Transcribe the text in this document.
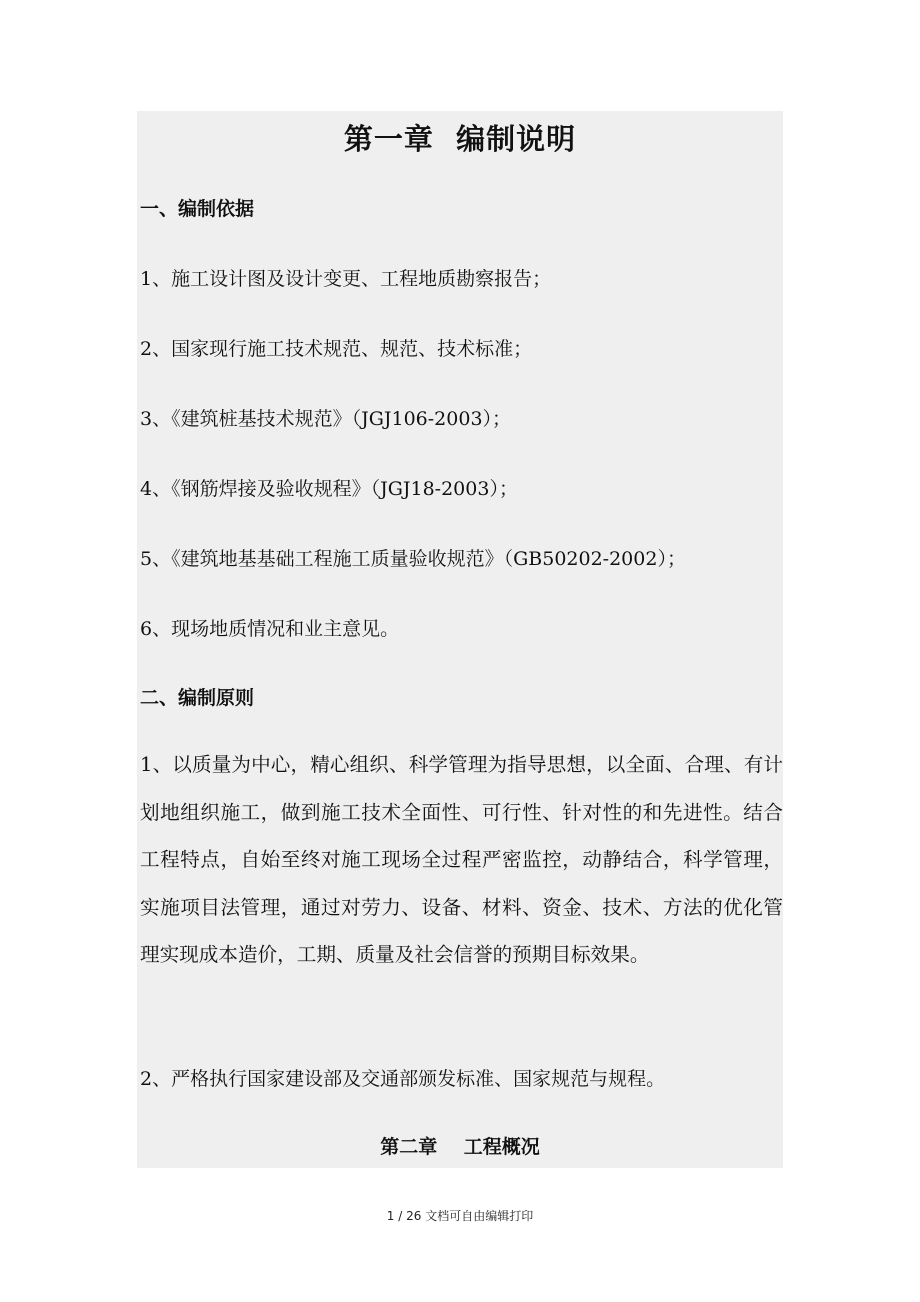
第一章  编制说明
一、编制依据
1、施工设计图及设计变更、工程地质勘察报告；
2、国家现行施工技术规范、规范、技术标准；
3、《建筑桩基技术规范》（JGJ106-2003）；
4、《钢筋焊接及验收规程》（JGJ18-2003）；
5、《建筑地基基础工程施工质量验收规范》（GB50202-2002）；
6、现场地质情况和业主意见。
二、编制原则

1、以质量为中心，精心组织、科学管理为指导思想，以全面、合理、有计划地组织施工，做到施工技术全面性、可行性、针对性的和先进性。结合工程特点，自始至终对施工现场全过程严密监控，动静结合，科学管理，实施项目法管理，通过对劳力、设备、材料、资金、技术、方法的优化管理实现成本造价，工期、质量及社会信誉的预期目标效果。

2、严格执行国家建设部及交通部颁发标准、国家规范与规程。
第二章    工程概况
1 / 26 文档可自由编辑打印
